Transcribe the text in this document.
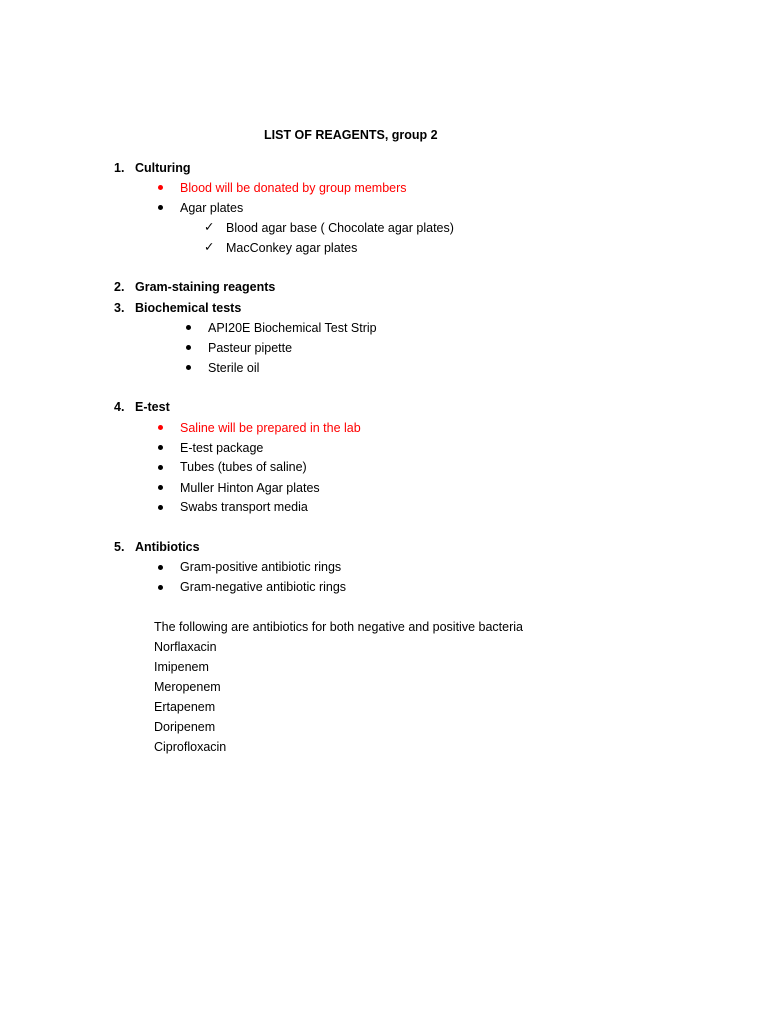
LIST OF REAGENTS, group 2
1. Culturing
Blood will be donated by group members
Agar plates
✓ Blood agar base ( Chocolate agar plates)
✓ MacConkey agar plates
2. Gram-staining reagents
3. Biochemical tests
API20E Biochemical Test Strip
Pasteur pipette
Sterile oil
4. E-test
Saline will be prepared in the lab
E-test package
Tubes (tubes of saline)
Muller Hinton Agar plates
Swabs transport media
5. Antibiotics
Gram-positive antibiotic rings
Gram-negative antibiotic rings
The following are antibiotics for both negative and positive bacteria
Norflaxacin
Imipenem
Meropenem
Ertapenem
Doripenem
Ciprofloxacin
